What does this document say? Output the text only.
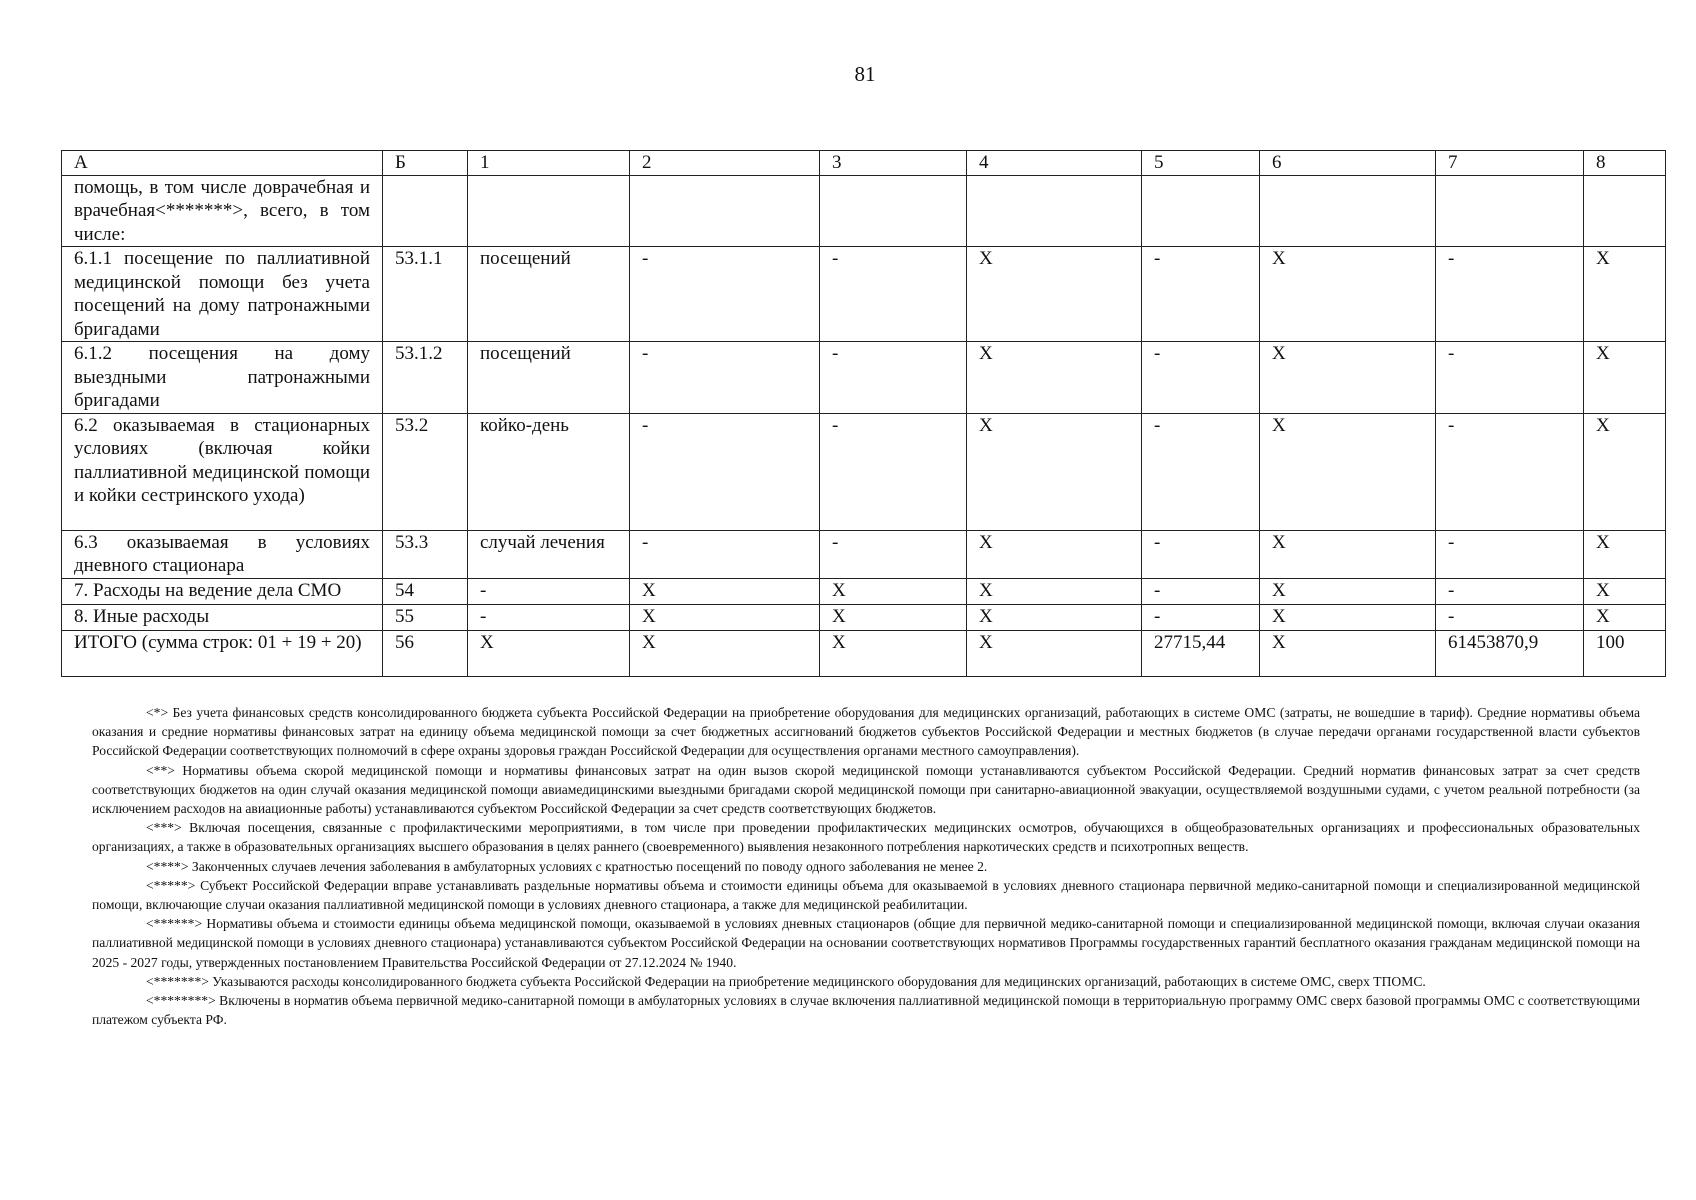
81
А	Б	1	2	3	4	5	6	7	8
помощь, в том числе доврачебная и врачебная<*******>, всего, в том числе:									
6.1.1 посещение по паллиативной медицинской помощи без учета посещений на дому патронажными бригадами	53.1.1	посещений	-	-	Х	-	Х	-	Х
6.1.2 посещения на дому выездными патронажными бригадами	53.1.2	посещений	-	-	Х	-	Х	-	Х
6.2 оказываемая в стационарных условиях (включая койки паллиативной медицинской помощи и койки сестринского ухода)	53.2	койко-день	-	-	Х	-	Х	-	Х
6.3 оказываемая в условиях дневного стационара	53.3	случай лечения	-	-	Х	-	Х	-	Х
7. Расходы на ведение дела СМО	54	-	Х	Х	Х	-	Х	-	Х
8. Иные расходы	55	-	Х	Х	Х	-	Х	-	Х
ИТОГО (сумма строк: 01 + 19 + 20)	56	Х	Х	Х	Х	27715,44	Х	61453870,9	100

<*> Без учета финансовых средств консолидированного бюджета субъекта Российской Федерации на приобретение оборудования для медицинских организаций, работающих в системе ОМС (затраты, не вошедшие в тариф). Средние нормативы объема оказания и средние нормативы финансовых затрат на единицу объема медицинской помощи за счет бюджетных ассигнований бюджетов субъектов Российской Федерации и местных бюджетов (в случае передачи органами государственной власти субъектов Российской Федерации соответствующих полномочий в сфере охраны здоровья граждан Российской Федерации для осуществления органами местного самоуправления).

<**> Нормативы объема скорой медицинской помощи и нормативы финансовых затрат на один вызов скорой медицинской помощи устанавливаются субъектом Российской Федерации. Средний норматив финансовых затрат за счет средств соответствующих бюджетов на один случай оказания медицинской помощи авиамедицинскими выездными бригадами скорой медицинской помощи при санитарно-авиационной эвакуации, осуществляемой воздушными судами, с учетом реальной потребности (за исключением расходов на авиационные работы) устанавливаются субъектом Российской Федерации за счет средств соответствующих бюджетов.

<***> Включая посещения, связанные с профилактическими мероприятиями, в том числе при проведении профилактических медицинских осмотров, обучающихся в общеобразовательных организациях и профессиональных образовательных организациях, а также в образовательных организациях высшего образования в целях раннего (своевременного) выявления незаконного потребления наркотических средств и психотропных веществ.

<****> Законченных случаев лечения заболевания в амбулаторных условиях с кратностью посещений по поводу одного заболевания не менее 2.

<*****> Субъект Российской Федерации вправе устанавливать раздельные нормативы объема и стоимости единицы объема для оказываемой в условиях дневного стационара первичной медико-санитарной помощи и специализированной медицинской помощи, включающие случаи оказания паллиативной медицинской помощи в условиях дневного стационара, а также для медицинской реабилитации.

<******> Нормативы объема и стоимости единицы объема медицинской помощи, оказываемой в условиях дневных стационаров (общие для первичной медико-санитарной помощи и специализированной медицинской помощи, включая случаи оказания паллиативной медицинской помощи в условиях дневного стационара) устанавливаются субъектом Российской Федерации на основании соответствующих нормативов Программы государственных гарантий бесплатного оказания гражданам медицинской помощи на 2025 - 2027 годы, утвержденных постановлением Правительства Российской Федерации от 27.12.2024 № 1940.

<*******> Указываются расходы консолидированного бюджета субъекта Российской Федерации на приобретение медицинского оборудования для медицинских организаций, работающих в системе ОМС, сверх ТПОМС.

<********> Включены в норматив объема первичной медико-санитарной помощи в амбулаторных условиях в случае включения паллиативной медицинской помощи в территориальную программу ОМС сверх базовой программы ОМС с соответствующими платежом субъекта РФ.
